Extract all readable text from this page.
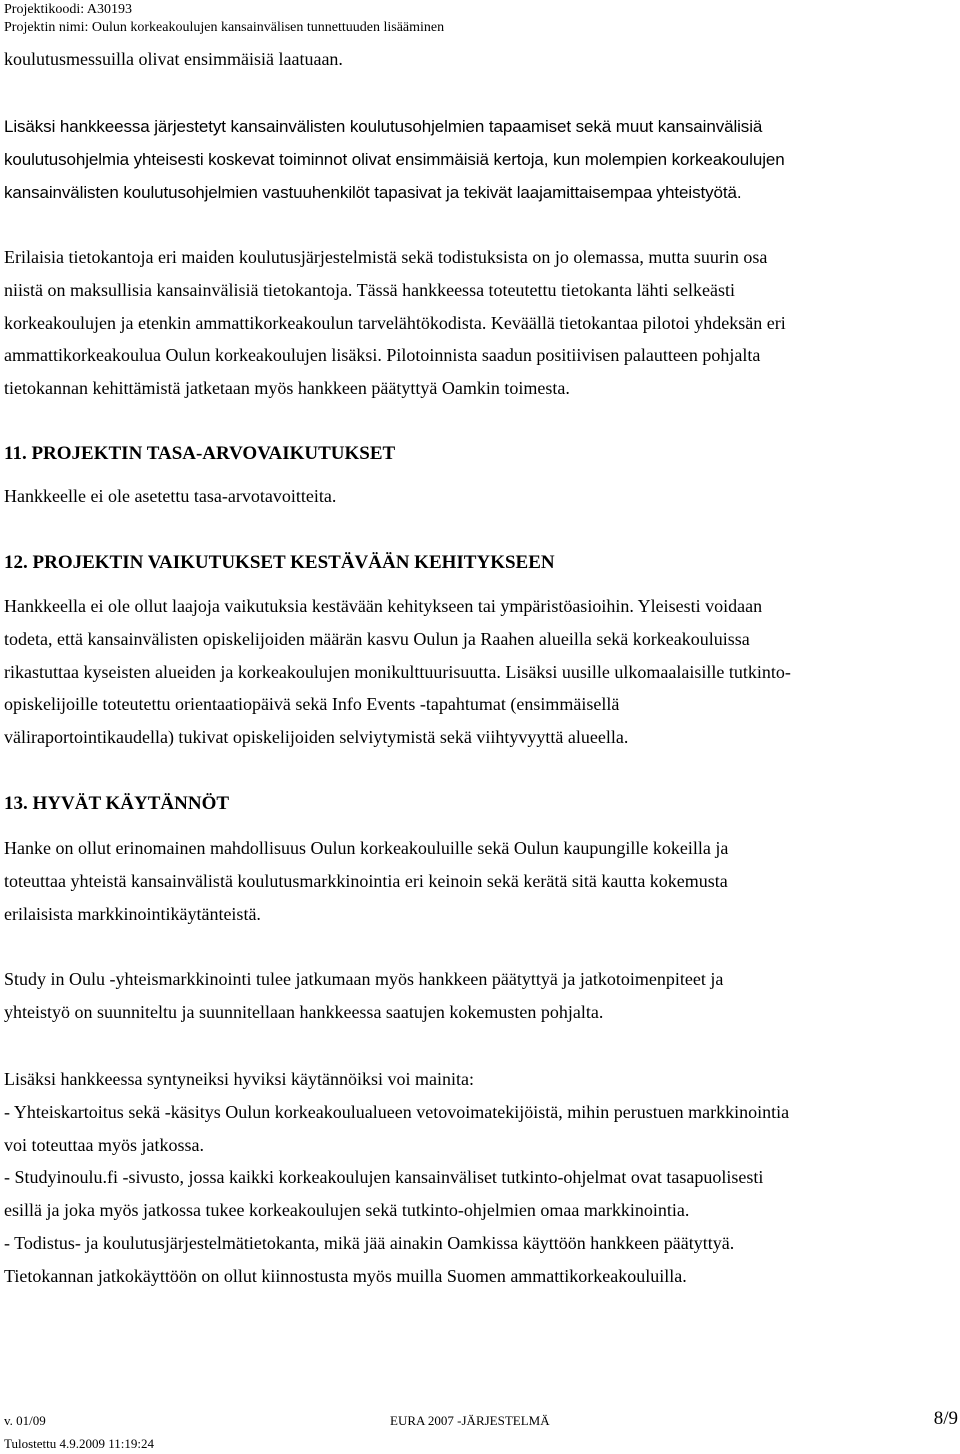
Projektikoodi: A30193
Projektin nimi: Oulun korkeakoulujen kansainvälisen tunnettuuden lisääminen
koulutusmessuilla olivat ensimmäisiä laatuaan.
Lisäksi hankkeessa järjestetyt kansainvälisten koulutusohjelmien tapaamiset sekä muut kansainvälisiä
koulutusohjelmia yhteisesti koskevat toiminnot olivat ensimmäisiä kertoja, kun molempien korkeakoulujen
kansainvälisten koulutusohjelmien vastuuhenkilöt tapasivat ja tekivät laajamittaisempaa yhteistyötä.
Erilaisia tietokantoja eri maiden koulutusjärjestelmistä sekä todistuksista on jo olemassa, mutta suurin osa
niistä on maksullisia kansainvälisiä tietokantoja. Tässä hankkeessa toteutettu tietokanta lähti selkeästi
korkeakoulujen ja etenkin ammattikorkeakoulun tarvelähtökodista. Keväällä tietokantaa pilotoi yhdeksän eri
ammattikorkeakoulua Oulun korkeakoulujen lisäksi. Pilotoinnista saadun positiivisen palautteen pohjalta
tietokannan kehittämistä jatketaan myös hankkeen päätyttyä Oamkin toimesta.
11. PROJEKTIN TASA-ARVOVAIKUTUKSET
Hankkeelle ei ole asetettu tasa-arvotavoitteita.
12. PROJEKTIN VAIKUTUKSET KESTÄVÄÄN KEHITYKSEEN
Hankkeella ei ole ollut laajoja vaikutuksia kestävään kehitykseen tai ympäristöasioihin. Yleisesti voidaan
todeta, että kansainvälisten opiskelijoiden määrän kasvu Oulun ja Raahen alueilla sekä korkeakouluissa
rikastuttaa kyseisten alueiden ja korkeakoulujen monikulttuurisuutta. Lisäksi uusille ulkomaalaisille tutkinto-
opiskelijoille toteutettu orientaatiopäivä sekä Info Events -tapahtumat (ensimmäisellä
väliraportointikaudella) tukivat opiskelijoiden selviytymistä sekä viihtyvyyttä alueella.
13. HYVÄT KÄYTÄNNÖT
Hanke on ollut erinomainen mahdollisuus Oulun korkeakouluille sekä Oulun kaupungille kokeilla ja
toteuttaa yhteistä kansainvälistä koulutusmarkkinointia eri keinoin sekä kerätä sitä kautta kokemusta
erilaisista markkinointikäytänteistä.
Study in Oulu -yhteismarkkinointi tulee jatkumaan myös hankkeen päätyttyä ja jatkotoimenpiteet ja
yhteistyö on suunniteltu ja suunnitellaan hankkeessa saatujen kokemusten pohjalta.
Lisäksi hankkeessa syntyneiksi hyviksi käytännöiksi voi mainita:
- Yhteiskartoitus sekä -käsitys Oulun korkeakoulualueen vetovoimatekijöistä, mihin perustuen markkinointia
voi toteuttaa myös jatkossa.
- Studyinoulu.fi -sivusto, jossa kaikki korkeakoulujen kansainväliset tutkinto-ohjelmat ovat tasapuolisesti
esillä ja joka myös jatkossa tukee korkeakoulujen sekä tutkinto-ohjelmien omaa markkinointia.
- Todistus- ja koulutusjärjestelmätietokanta, mikä jää ainakin Oamkissa käyttöön hankkeen päätyttyä.
Tietokannan jatkokäyttöön on ollut kiinnostusta myös muilla Suomen ammattikorkeakouluilla.
v. 01/09	EURA 2007 -JÄRJESTELMÄ	8/9
Tulostettu 4.9.2009 11:19:24
